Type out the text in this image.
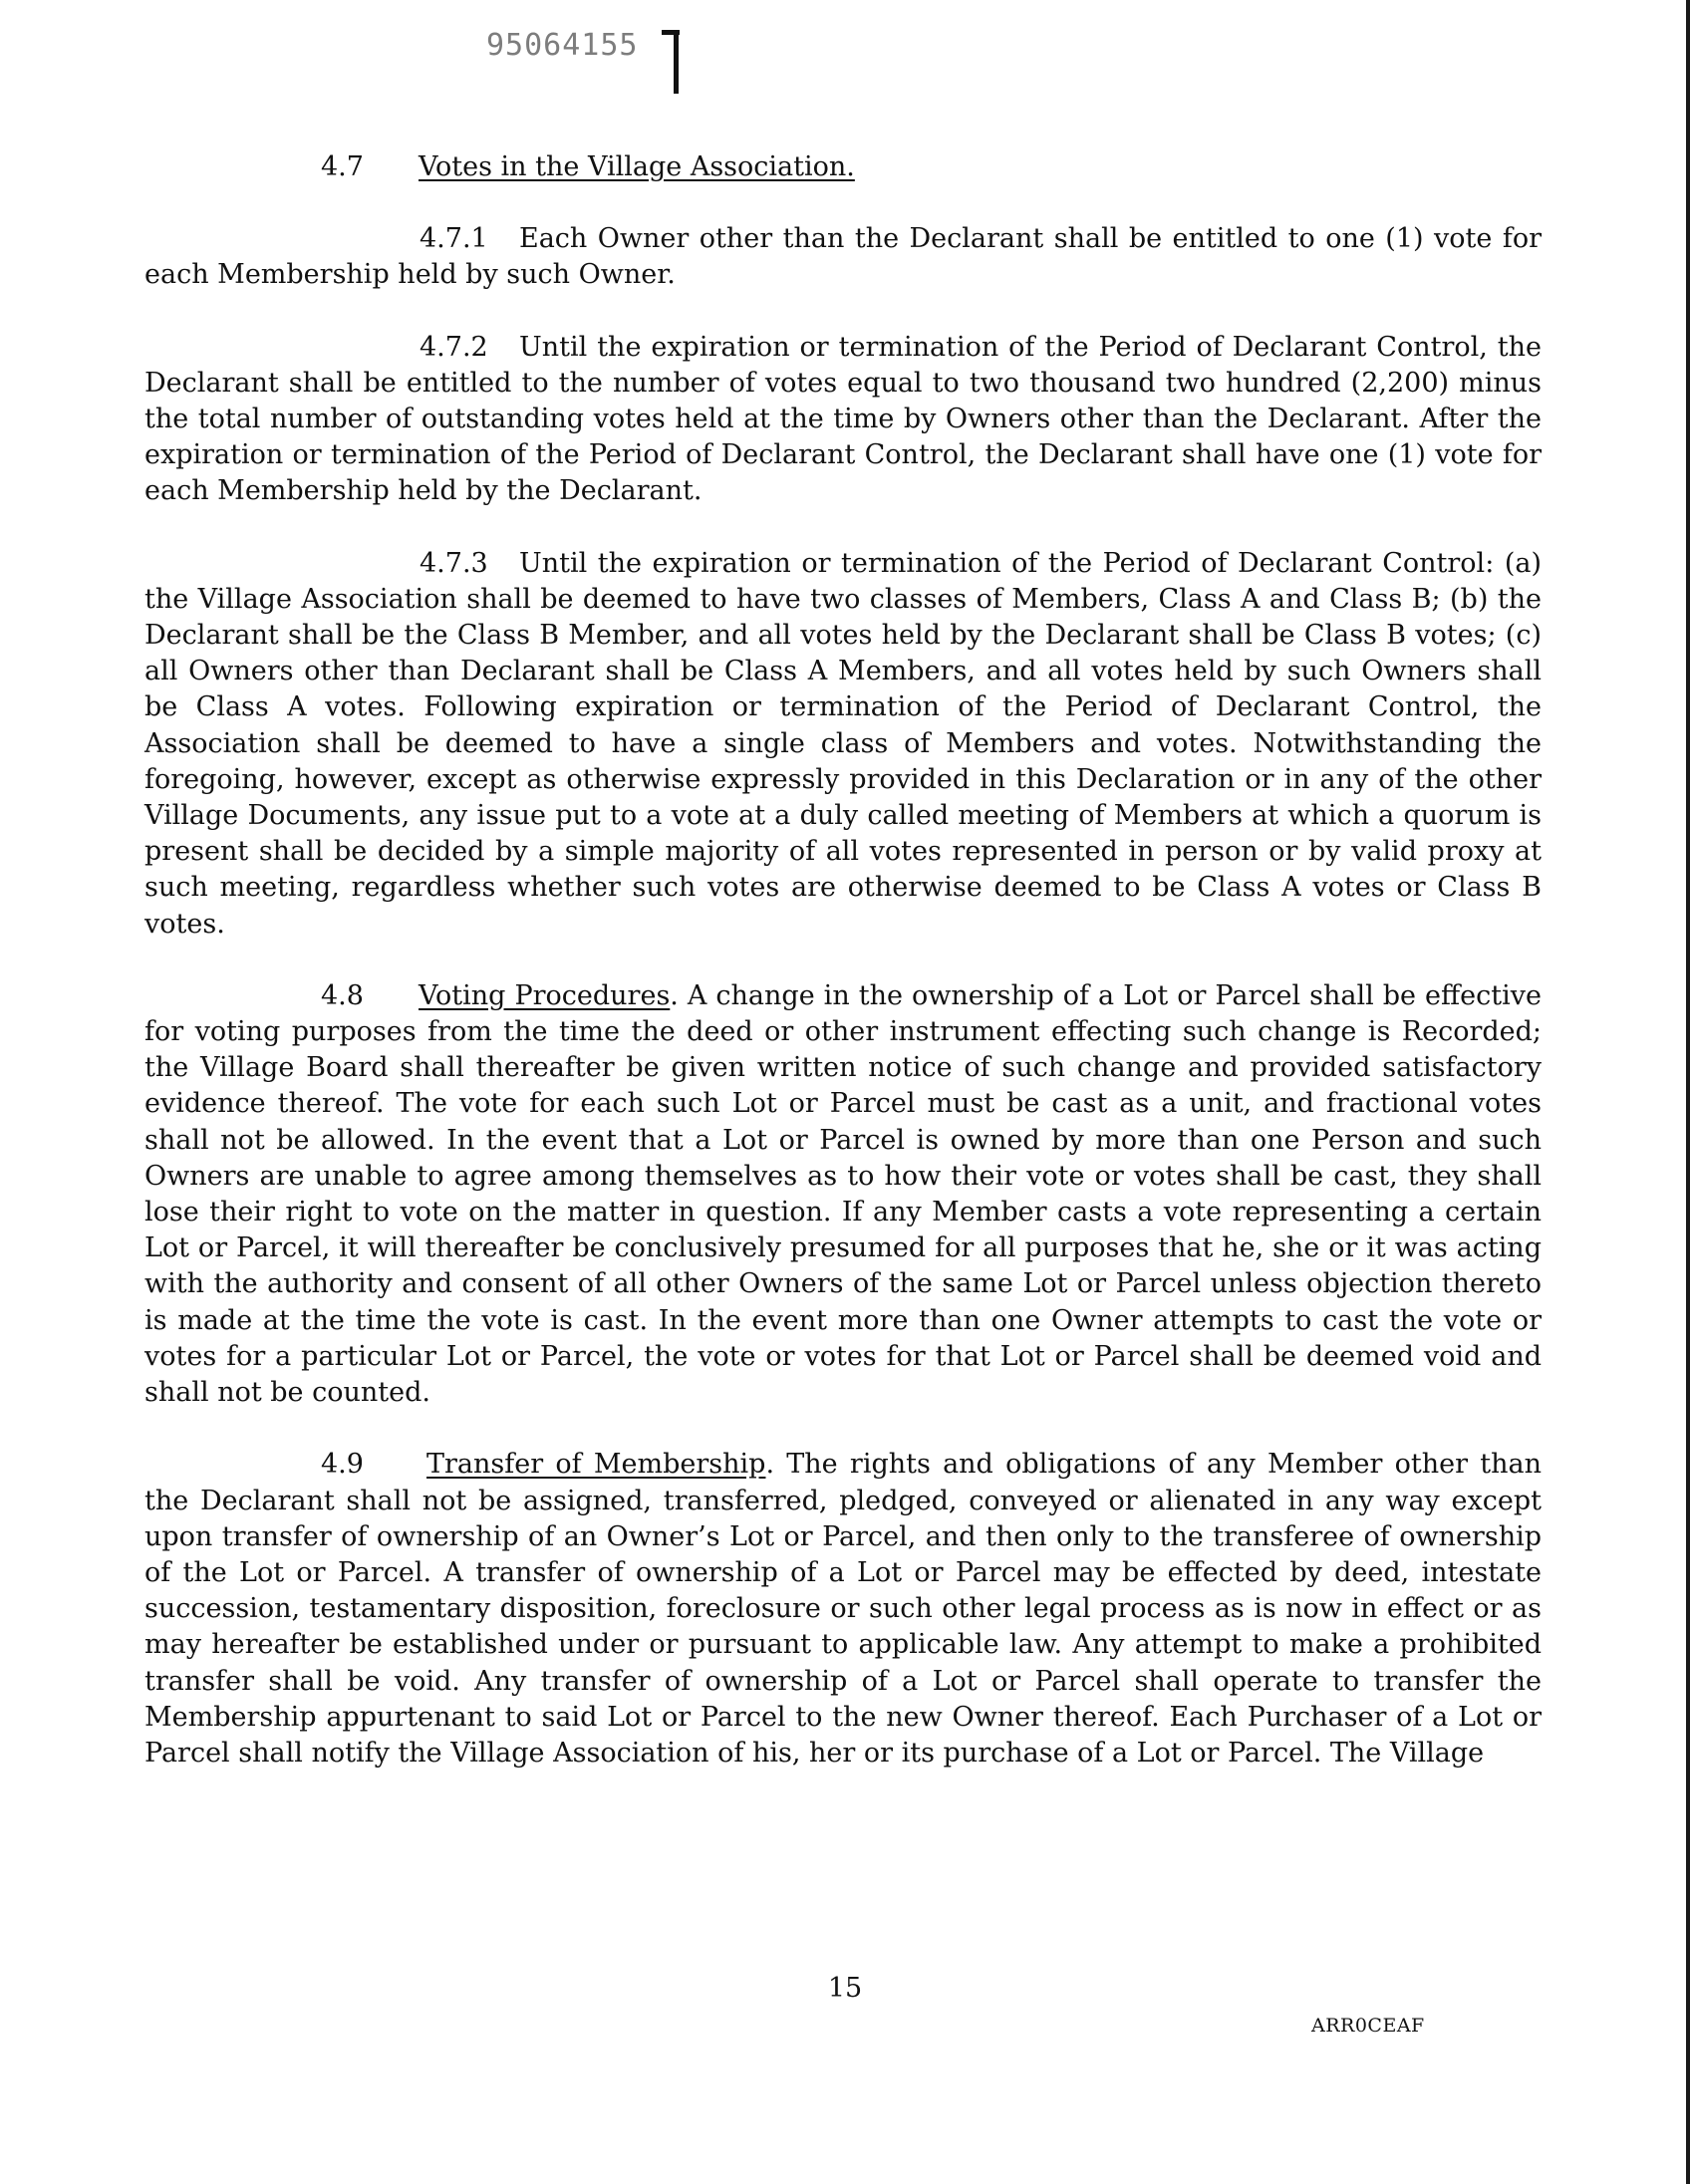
95064155
4.7 Votes in the Village Association.

4.7.1 Each Owner other than the Declarant shall be entitled to one (1) vote for each Membership held by such Owner.

4.7.2 Until the expiration or termination of the Period of Declarant Control, the Declarant shall be entitled to the number of votes equal to two thousand two hundred (2,200) minus the total number of outstanding votes held at the time by Owners other than the Declarant. After the expiration or termination of the Period of Declarant Control, the Declarant shall have one (1) vote for each Membership held by the Declarant.

4.7.3 Until the expiration or termination of the Period of Declarant Control: (a) the Village Association shall be deemed to have two classes of Members, Class A and Class B; (b) the Declarant shall be the Class B Member, and all votes held by the Declarant shall be Class B votes; (c) all Owners other than Declarant shall be Class A Members, and all votes held by such Owners shall be Class A votes. Following expiration or termination of the Period of Declarant Control, the Association shall be deemed to have a single class of Members and votes. Notwithstanding the foregoing, however, except as otherwise expressly provided in this Declaration or in any of the other Village Documents, any issue put to a vote at a duly called meeting of Members at which a quorum is present shall be decided by a simple majority of all votes represented in person or by valid proxy at such meeting, regardless whether such votes are otherwise deemed to be Class A votes or Class B votes.

4.8 Voting Procedures. A change in the ownership of a Lot or Parcel shall be effective for voting purposes from the time the deed or other instrument effecting such change is Recorded; the Village Board shall thereafter be given written notice of such change and provided satisfactory evidence thereof. The vote for each such Lot or Parcel must be cast as a unit, and fractional votes shall not be allowed. In the event that a Lot or Parcel is owned by more than one Person and such Owners are unable to agree among themselves as to how their vote or votes shall be cast, they shall lose their right to vote on the matter in question. If any Member casts a vote representing a certain Lot or Parcel, it will thereafter be conclusively presumed for all purposes that he, she or it was acting with the authority and consent of all other Owners of the same Lot or Parcel unless objection thereto is made at the time the vote is cast. In the event more than one Owner attempts to cast the vote or votes for a particular Lot or Parcel, the vote or votes for that Lot or Parcel shall be deemed void and shall not be counted.

4.9 Transfer of Membership. The rights and obligations of any Member other than the Declarant shall not be assigned, transferred, pledged, conveyed or alienated in any way except upon transfer of ownership of an Owner’s Lot or Parcel, and then only to the transferee of ownership of the Lot or Parcel. A transfer of ownership of a Lot or Parcel may be effected by deed, intestate succession, testamentary disposition, foreclosure or such other legal process as is now in effect or as may hereafter be established under or pursuant to applicable law. Any attempt to make a prohibited transfer shall be void. Any transfer of ownership of a Lot or Parcel shall operate to transfer the Membership appurtenant to said Lot or Parcel to the new Owner thereof. Each Purchaser of a Lot or Parcel shall notify the Village Association of his, her or its purchase of a Lot or Parcel. The Village

15
ARR0CEAF
